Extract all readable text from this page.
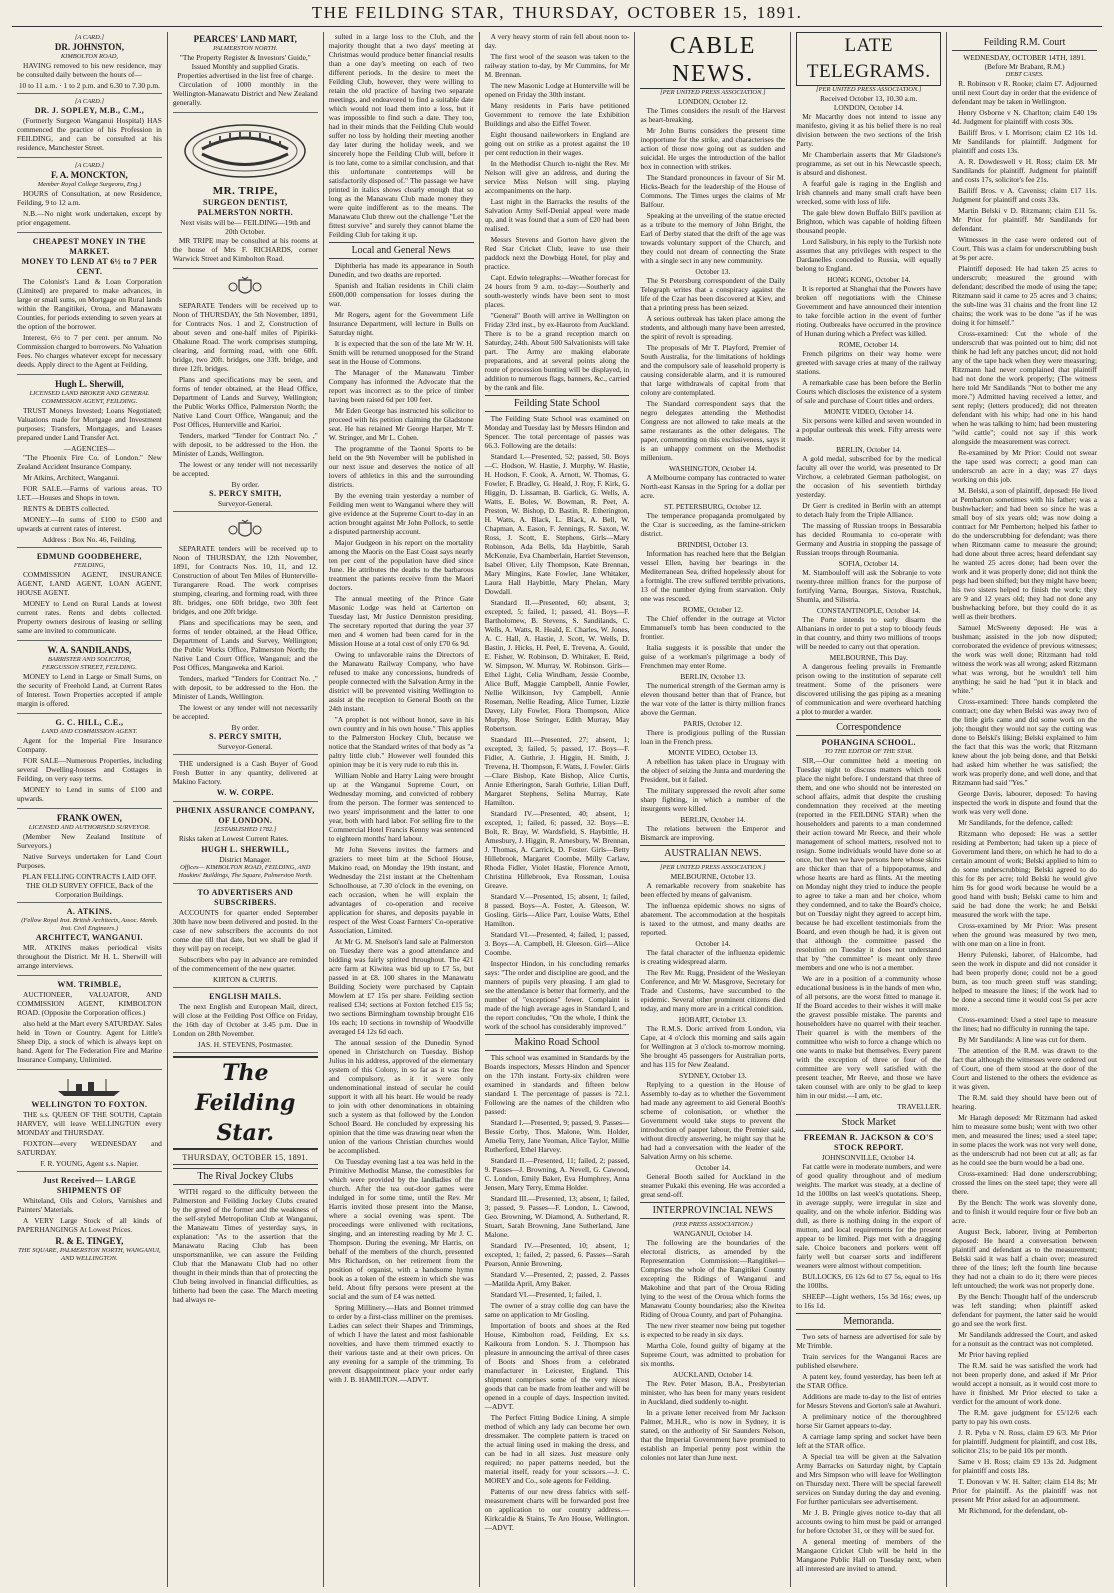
THE FEILDING STAR, THURSDAY, OCTOBER 15, 1891.
[A CARD.]
DR. JOHNSTON,
KIMBOLTON ROAD,

HAVING removed to his new residence, may be consulted daily between the hours of—

10 to 11 a.m. · 1 to 2 p.m. and 6.30 to 7.30 p.m.
[A CARD.]
DR. J. SOPLEY, M.B., C.M.,

(Formerly Surgeon Wanganui Hospital) HAS commenced the practice of his Profession in FEILDING, and can be consulted at his residence, Manchester Street.

[A CARD.]
F. A. MONCKTON,
Member Royal College Surgeons, Eng.)

HOURS of Consultation, at new Residence, Feilding, 9 to 12 a.m.

N.B.—No night work undertaken, except by prior engagement.

CHEAPEST MONEY IN THE MARKET.
MONEY TO LEND AT 6½ to 7 PER CENT.

The Colonist's Land & Loan Corporation (Limited) are prepared to make advances, in large or small sums, on Mortgage on Rural lands within the Rangitikei, Oroua, and Manawatu Counties, for periods extending to seven years at the option of the borrower.

Interest, 6½ to 7 per cent. per annum. No Commission charged to borrowers. No Valuation Fees. No charges whatever except for necessary deeds. Apply direct to the Agent at Feilding,

Hugh L. Sherwill,
LICENSED LAND BROKER AND GENERAL COMMISSION AGENT, FEILDING.

TRUST Moneys Invested; Loans Negotiated; Valuations made for Mortgage and Investment purposes; Transfers, Mortgages, and Leases prepared under Land Transfer Act.

—AGENCIES—

"The Phoenix Fire Co. of London." New Zealand Accident Insurance Company.

Mr Atkins, Architect, Wanganui.

FOR SALE.—Farms of various areas. TO LET.—Houses and Shops in town.

RENTS & DEBTS collected.

MONEY.—In sums of £100 to £500 and upwards at current rates of interest.

Address : Box No. 46, Feilding.
EDMUND GOODBEHERE,
FEILDING,

COMMISSION AGENT, INSURANCE AGENT, LAND AGENT, LOAN AGENT, HOUSE AGENT.

MONEY to Lend on Rural Lands at lowest current rates. Rents and debts collected. Property owners desirous of leasing or selling same are invited to communicate.

W. A. SANDILANDS,
BARRISTER AND SOLICITOR,
FERGUSSON STREET, FEILDING.

MONEY to Lend in Large or Small Sums, on the security of Freehold Land, at Current Rates of Interest. Town Properties accepted if ample margin is offered.

G. C. HILL, C.E.,
LAND AND COMMISSION AGENT.

Agent for the Imperial Fire Insurance Company.

FOR SALE—Numerous Properties, including several Dwelling-houses and Cottages in Feilding, on very easy terms.

MONEY to Lend in sums of £100 and upwards.

FRANK OWEN,
LICENSED AND AUTHORISED SURVEYOR.

(Member New Zealand Institute of Surveyors.)

Native Surveys undertaken for Land Court Purposes.

PLAN FELLING CONTRACTS LAID OFF.
THE OLD SURVEY OFFICE, Back of the Corporation Buildings.
A. ATKINS.
(Fellow Royal Inst. British Architects, Assoc. Memb. Inst. Civil Engineers.)
ARCHITECT, WANGANUI.

MR. ATKINS makes periodical visits throughout the District. Mr H. L. Sherwill will arrange interviews.

WM. TRIMBLE,

AUCTIONEER, VALUATOR, AND COMMISSION AGENT, KIMBOLTON ROAD. (Opposite the Corporation offices.)

also held at the Mart every SATURDAY. Sales held in Town or Country. Agent for Little's Sheep Dip, a stock of which is always kept on hand. Agent for The Federation Fire and Marine Insurance Company, Unlimited.

WELLINGTON TO FOXTON.

THE s.s. QUEEN OF THE SOUTH, Captain HARVEY, will leave WELLINGTON every MONDAY and THURSDAY.

FOXTON—every WEDNESDAY and SATURDAY.

F. R. YOUNG, Agent s.s. Napier.
Just Received— LARGE SHIPMENTS OF

Whiteland, Oils and Colors, Varnishes and Painters' Materials.

A VERY Large Stock of all kinds of PAPERHANGINGS At Lowest Prices.

R. & E. TINGEY,
THE SQUARE, PALMERSTON NORTH, WANGANUI, AND WELLINGTON.
PEARCES' LAND MART,
PALMERSTON NORTH.
"The Property Register & Investors' Guide,"
Issued Monthly and supplied Gratis.
Properties advertised in the list free of charge.

Circulation of 1000 monthly in the Wellington-Manawatu District and New Zealand generally.

MR. TRIPE,
SURGEON DENTIST, PALMERSTON NORTH.
Next visits will be— FEILDING—19th and 20th October.

MR TRIPE may be consulted at his rooms at the house of Mrs F. RICHARDS, corner Warwick Street and Kimbolton Road.

SEPARATE Tenders will be received up to Noon of THURSDAY, the 5th November, 1891, for Contracts Nos. 1 and 2, Construction of about seven and one-half miles of Pipiriki-Ohakune Road. The work comprises stumping, clearing, and forming road, with one 60ft. bridge, two 20ft. bridges, one 33ft. bridge, and three 12ft. bridges.

Plans and specifications may be seen, and forms of tender obtained, at the Head Office, Department of Lands and Survey, Wellington; the Public Works Office, Palmerston North; the Native Land Court Office, Wanganui; and the Post Offices, Hunterville and Karioi.

Tenders, marked "Tender for Contract No. ," with deposit, to be addressed to the Hon. the Minister of Lands, Wellington.

The lowest or any tender will not necessarily be accepted.

By order.
S. PERCY SMITH,
Surveyor-General.

SEPARATE tenders will be received up to Noon of THURSDAY, the 12th November, 1891, for Contracts Nos. 10, 11, and 12. Construction of about Ten Miles of Hunterville-Turangarere Road. The work comprises stumping, clearing, and forming road, with three 8ft. bridges, one 60ft bridge, two 30ft feet bridges, and one 20ft bridge.

Plans and specifications may be seen, and forms of tender obtained, at the Head Office, Department of Lands and Survey, Wellington; the Public Works Office, Palmerston North; the Native Land Court Office, Wanganui; and the Post Offices, Mangaweka and Karioi.

Tenders, marked "Tenders for Contract No. ," with deposit, to be addressed to the Hon. the Minister of Lands, Wellington.

The lowest or any tender will not necessarily be accepted.

By order.
S. PERCY SMITH,
Surveyor-General.

THE undersigned is a Cash Buyer of Good Fresh Butter in any quantity, delivered at Makino Factory.

W. W. CORPE.
PHŒNIX ASSURANCE COMPANY, OF LONDON.
[ESTABLISHED 1782.]

Risks taken at Lowest Current Rates.

HUGH L. SHERWILL,
District Manager.
Offices— KIMBOLTON ROAD, FEILDING, AND Haukins' Buildings, The Square, Palmerston North.
TO ADVERTISERS AND SUBSCRIBERS.

ACCOUNTS for quarter ended September 30th have now been delivered and posted. In the case of new subscribers the accounts do not come due till that date, but we shall be glad if they will pay on receipt.

Subscribers who pay in advance are reminded of the commencement of the new quarter.

KIRTON & CURTIS.
ENGLISH MAILS.

The next English and European Mail, direct, will close at the Feilding Post Office on Friday, the 16th day of October at 3.45 p.m. Due in London on 28th November.

JAS. H. STEVENS, Postmaster.
The Feilding Star.
THURSDAY, OCTOBER 15, 1891.
The Rival Jockey Clubs

WITH regard to the difficulty between the Palmerston and Feilding Jockey Clubs created by the greed of the former and the weakness of the self-styled Metropolitan Club at Wanganui, the Manawatu Times of yesterday says, in explanation: "As to the assertion that the Manawatu Racing Club has been unsportsmanlike, we can assure the Feilding Club that the Manawatu Club had no other thought in their minds than that of protecting the Club being involved in financial difficulties, as hitherto had been the case. The March meeting had always re-

sulted in a large loss to the Club, and the majority thought that a two days' meeting at Christmas would produce better financial results than a one day's meeting on each of two different periods. In the desire to meet the Feilding Club, however, they were willing to retain the old practice of having two separate meetings, and endeavored to find a suitable date which would not load them into a loss, but it was impossible to find such a date. They too, had in their minds that the Feilding Club would suffer no loss by holding their meeting another day later during the holiday week, and we sincerely hope the Feilding Club will, before it is too late, come to a similar conclusion, and that this unfortunate contretemps will be satisfactorily disposed of." The passage we have printed in italics shows clearly enough that so long as the Manawatu Club made money they were quite indifferent as to the means. The Manawatu Club threw out the challenge "Let the fittest survive" and surely they cannot blame the Feilding Club for taking it up.

Local and General News

Diphtheria has made its appearance in South Dunedin, and two deaths are reported.

Spanish and Italian residents in Chili claim £600,000 compensation for losses during the war.

Mr Rogers, agent for the Government Life Insurance Department, will lecture in Bulls on Saturday night.

It is expected that the son of the late Mr W. H. Smith will be returned unopposed for the Strand seat in the House of Commons.

The Manager of the Manawatu Timber Company has informed the Advocate that the report was incorrect as to the price of timber having been raised 6d per 100 feet.

Mr Eden George has instructed his solicitor to proceed with his petition claiming the Gladstone seat. He has retained Mr George Harper, Mr T. W. Stringer, and Mr L. Cohen.

The programme of the Taonui Sports to be held on the 9th November will be published in our next issue and deserves the notice of all lovers of athletics in this and the surrounding districts.

By the evening train yesterday a number of Feilding men went to Wanganui where they will give evidence at the Supreme Court to-day in an action brought against Mr John Pollock, to settle a disputed partnership account.

Major Gudgeon in his report on the mortality among the Maoris on the East Coast says nearly ten per cent of the population have died since June. He attributes the deaths to the barbarous treatment the patients receive from the Maori doctors.

The annual meeting of the Prince Gate Masonic Lodge was held at Carterton on Tuesday last, Mr Justice Denniston presiding. The secretary reported that during the year 37 men and 4 women had been cared for in the Mission House at a total cost of only £70 6s 9d.

Owing to unfavorable rains the Directors of the Manawatu Railway Company, who have refused to make any concessions, hundreds of people connected with the Salvation Army in the district will be prevented visiting Wellington to assist at the reception to General Booth on the 24th instant.

"A prophet is not without honor, save in his own country and in his own house." This applies to the Palmerston Hockey Club, because we notice that the Standard writes of that body as "a paltry little club." However well founded this opinion may be it is very rude to rub this in.

William Noble and Harry Laing were brought up at the Wanganui Supreme Court, on Wednesday morning, and convicted of robbery from the person. The former was sentenced to two years' imprisonment and the latter to one year, both with hard labor. For selling fire to the Commercial Hotel Francis Kenny was sentenced to eighteen months' hard labour.

Mr John Stevens invites the farmers and graziers to meet him at the School House, Makino road, on Monday the 19th instant, and Wednesday the 21st instant at the Cheltenham Schoolhouse, at 7.30 o'clock in the evening, on each occasion, when he will explain the advantages of co-operation and receive application for shares, and deposits payable in respect of the West Coast Farmers' Co-operative Association, Limited.

At Mr G. M. Snelson's land sale at Palmerston on Tuesday there was a good attendance and bidding was fairly spirited throughout. The 421 acre farm at Kiwitea was bid up to £7 5s, but passed in at £8. 100 shares in the Manawatu Building Society were purchased by Captain Mowlem at £7 15s per share. Feilding section realised £34; sections at Foxton fetched £15 5s; two sections Birmingham township brought £16 10s each; 10 sections in township of Woodville averaged £4 12s 6d each.

The annual session of the Dunedin Synod opened in Christchurch on Tuesday. Bishop Julius in his address, approved of the elementary system of this Colony, in so far as it was free and compulsory, as it it were only undenominational instead of secular he could support it with all his heart. He would be ready to join with other denominations in obtaining such a system as that followed by the London School Board. He concluded by expressing his opinion that the time was drawing near when the union of the various Christian churches would be accomplished.

On Tuesday evening last a tea was held in the Primitive Methodist Manse, the comestibles for which were provided by the landladies of the church. After the tea out-door games were indulged in for some time, until the Rev. Mr Harris invited those present into the Manse, where a social evening was spent. The proceedings were enlivened with recitations, singing, and an interesting reading by Mr J. C. Thompson. During the evening, Mr Harris, on behalf of the members of the church, presented Mrs Richardson, on her retirement from the position of organist, with a handsome hymn book as a token of the esteem in which she was held. About fifty persons were present at the social and the sum of £4 was netted.

Spring Millinery.—Hats and Bonnet trimmed to order by a first-class milliner on the premises. Ladies can select their Shapes and Trimmings, of which I have the latest and most fashionable novelties, and have them trimmed exactly to their various taste and at their own prices. On any evening for a sample of the trimming. To prevent disappointment place your order early with J. B. HAMILTON.—ADVT.

A very heavy storm of rain fell about noon to-day.

The first wool of the season was taken to the railway station to-day, by Mr Cummins, for Mr M. Brennan.

The new Masonic Lodge at Hunterville will be opened on Friday the 30th instant.

Many residents in Paris have petitioned Government to remove the late Exhibition Buildings and also the Eiffel Tower.

Eight thousand naileworkers in England are going out on strike as a protest against the 10 per cent reduction in their wages.

In the Methodist Church to-night the Rev. Mr Nelson will give an address, and during the service Miss Nelson will sing, playing accompaniments on the harp.

Last night in the Barracks the results of the Salvation Army Self-Denial appeal were made up, and it was found that a sum of £20 had been realised.

Messrs Stevens and Gorton have given the Red Star Cricket Club, leave to use their paddock next the Dowbigg Hotel, for play and practice.

Capt. Edwin telegraphs:—Weather forecast for 24 hours from 9 a.m. to-day:—Southerly and south-westerly winds have been sent to most places.

"General" Booth will arrive in Wellington on Friday 23rd inst., by ex-Hauroto from Auckland. There is to be a grand reception march on Saturday, 24th. About 500 Salvationists will take part. The Army are making elaborate preparations, and at several points along the route of procession bunting will be displayed, in addition to numerous flags, banners, &c., carried by the rank and file.

Feilding State School

The Feilding State School was examined on Monday and Tuesday last by Messrs Hindon and Spencer. The total percentage of passes was 66.3. Following are the details:

Standard I.—Presented, 52; passed, 50. Boys—C. Hodson, W. Hastie, J. Murphy, W. Hastie, H. Hodson, F. Cook, A. Arnott, W. Thomas, G. Fowler, F. Bradley, G. Heald, J. Roy, F. Kirk, G. Higgin, D. Lissaman, B. Garlick, G. Wells, A. Watts, E. Boles, W. Bowman, R. Peet, A. Preston, W. Bishop, D. Bastin, R. Etherington, H. Watts, A. Black, L. Black, A. Bell, W. Chapman, A. Eason, F. Jennings, R. Saxon, W. Ross, J. Scott, E. Stephens, Girls—Mary Robinson, Ada Bells, Ida Haybittle, Sarah McKenzie, Eva Chamberlain, Harriet Stevenson, Isabel Oliver, Lily Thompson, Kate Brennan, Mary Mingins, Kate Fowler, Jane Whitaker, Laura Hall Haybittle, Mary Phelan, Mary Dowdall.

Standard II.—Presented, 60; absent, 3; excepted, 5; failed, 1; passed, 41. Boys—F. Bartholomew, B. Stevens, S. Sandilands, C. Wells, A. Watts, R. Heald, E. Charles, W. Jones, A. C. Hall, A. Hastie, J. Scott, W. Wells, D. Bastin, J. Hicks, H. Peel, E. Trevena, A. Gould, E. Fisher, W. Robinson, D. Whitaker, E. Reid, W. Simpson, W. Murray, W. Robinson. Girls—Ethel Light, Celia Windham, Jessie Coombe, Alice Buff, Maggie Campbell, Annie Fowler, Nellie Wilkinson, Ivy Campbell, Annie Roseman, Nellie Reading, Alice Turner, Lizzie Davey, Lily Fowler, Flora Thompson, Alice Murphy, Rose Stringer, Edith Murray, May Robertson.

Standard III.—Presented, 27; absent, 1; excepted, 3; failed, 5; passed, 17. Boys—F. Fidler, A. Guthrie, J. Higgin, H. Smith, J. Trevena, H. Thompson, F. Watts, J. Fowler. Girls—Clare Bishop, Kate Bishop, Alice Curtis, Annie Etherington, Sarah Guthrie, Lilian Duff, Margaret Stephens, Selina Murray, Kate Hamilton.

Standard IV.—Presented, 40; absent, 1; excepted, 1; failed, 6; passed, 32. Boys—E. Bolt, R. Bray, W. Wardsfield, S. Haybittle, H. Amesbury, J. Higgin, R. Amesbury, W. Brennan, J. Thomas, A. Carrick, D. Foster. Girls—Betty Hillebrook, Margaret Coombe, Milly Carlaw, Rhoda Fidler, Violet Hastie, Florence Arnott, Christina Hillebrook, Eva Rossman, Louisa Greave.

Standard V.—Presented, 15; absent, 1; failed, 8 passed. Boys—A. Foster, A. Gleeson, W. Gosling. Girls—Alice Parr, Louise Watts, Ethel Hamilton.

Standard VI.—Presented, 4; failed, 1; passed, 3. Boys—A. Campbell, H. Gleeson. Girl—Alice Coombe.

Inspector Hindon, in his concluding remarks says: "The order and discipline are good, and the manners of pupils very pleasing. I am glad to see the attendance is better that formerly, and the number of "exceptions" fewer. Complaint is made of the high average ages in Standard I, and the report concludes, "On the whole, I think the work of the school has considerably improved."

Makino Road School

This school was examined in Standards by the Boards inspectors, Messrs Hindon and Spencer on the 17th instant. Forty-six children were examined in standards and fifteen below standard I. The percentage of passes is 72.1. Following are the names of the children who passed:

Standard I.—Presented, 9; passed, 9. Passes—Bessie Corby, Thos. Malone, Wm. Holder, Amelia Terry, Jane Yeoman, Alice Taylor, Millie Rutherford, Ethel Harvey.

Standard II.—Presented, 11; failed, 2; passed, 9. Passes—J. Browning, A. Nevell, G. Cawood, C. London, Emily Baker, Eva Humphrey, Anna Jensen, Mary Terry, Emma Holder.

Standard III.—Presented, 13; absent, 1; failed, 3; passed, 9. Passes—F. London, L. Cawood, Geo. Browning, W. Diamond, A. Sutherland, R. Stuart, Sarah Browning, Jane Sutherland, Jane Malone.

Standard IV.—Presented, 10; absent, 1; excepted, 1; failed, 2; passed, 6. Passes—Sarah Pearson, Annie Browning.

Standard V.—Presented, 2; passed, 2. Passes—Matilda April, Amy Baker.

Standard VI.—Presented, 1; failed, 1.

The owner of a stray collie dog can have the same on application to Mr Gosling.

Importation of boots and shoes at the Red House, Kimbolton road, Feilding. Ex s.s. Kaikoura from London. S. J. Thompson has pleasure in announcing the arrival of three cases of Boots and Shoes from a celebrated manufacturer in Leicester, England. This shipment comprises some of the very nicest goods that can be made from leather and will be opened in a couple of days. Inspection invited.—ADVT.

The Perfect Fitting Bodice Lining. A simple method of which any lady can become her own dressmaker. The complete pattern is traced on the actual lining used in making the dress, and can be had in all sizes. Just measure only required; no paper patterns needed, but the material itself, ready for your scissors.—J. C. MOREY and Co., sole agents for Feilding.

Patterns of our new dress fabrics with self-measurement charts will be forwarded post free on application to our country address.—Kirkcaldie & Stains, Te Aro House, Wellington.—ADVT.

CABLE NEWS.
[PER UNITED PRESS ASSOCIATION.]
LONDON, October 12.

The Times considers the result of the Harvest as heart-breaking.

Mr John Burns considers the present time inopportune for the strike, and characterises the action of those now going out as sudden and suicidal. He urges the introduction of the ballot box in connection with strikes.

The Standard pronounces in favour of Sir M. Hicks-Beach for the leadership of the House of Commons. The Times urges the claims of Mr Balfour.

Speaking at the unveiling of the statue erected as a tribute to the memory of John Bright, the Earl of Derby stated that the drift of the age was towards voluntary support of the Church, and they could not dream of connecting the State with a single sect in any new community.

October 13.

The St Petersburg correspondent of the Daily Telegraph writes that a conspiracy against the life of the Czar has been discovered at Kiev, and that a printing press has been seized.

A serious outbreak has taken place among the students, and although many have been arrested, the spirit of revolt is spreading.

The proposals of Mr T. Playford, Premier of South Australia, for the limitations of holdings and the compulsory sale of leasehold property is causing considerable alarm, and it is rumoured that large withdrawals of capital from that colony are contemplated.

The Standard correspondent says that the negro delegates attending the Methodist Congress are not allowed to take meals at the same restaurants as the other delegates. The paper, commenting on this exclusiveness, says it is an unhappy comment on the Methodist millenium.

WASHINGTON, October 14.

A Melbourne company has contracted to water North-east Kansas in the Spring for a dollar per acre.

ST. PETERSBURG, October 12.

The temperance propaganda promulgated by the Czar is succeeding, as the famine-stricken district.

BRINDISI, October 13.

Information has reached here that the Belgian vessel Ellen, having her bearings in the Mediterranean Sea, drifted hopelessly about for a fortnight. The crew suffered terrible privations, 13 of the number dying from starvation. Only one was rescued.

ROME, October 12.

The Chief offender in the outrage at Victor Emmanuel's tomb has been conducted to the frontier.

Italia suggests it is possible that under the guise of a workman's pilgrimage a body of Frenchmen may enter Rome.

BERLIN, October 13.

The numerical strength of the German army is eleven thousand better than that of France, but the war vote of the latter is thirty million francs above the German.

PARIS, October 12.

There is prodigious pulling of the Russian loan in the French press.

MONTE VIDEO, October 13.

A rebellion has taken place in Uruguay with the object of seizing the Junta and murdering the President, but it failed.

The military suppressed the revolt after some sharp fighting, in which a number of the insurgents were killed.

BERLIN, October 14.

The relations between the Emperor and Bismarck are improving.

AUSTRALIAN NEWS.
[PER UNITED PRESS ASSOCIATION.]
MELBOURNE, October 13.

A remarkable recovery from snakebite has been effected by means of galvanism.

The influenza epidemic shows no signs of abatement. The accommodation at the hospitals is taxed to the utmost, and many deaths are reported.

October 14.

The fatal character of the influenza epidemic is creating widespread alarm.

The Rev Mr. Rugg, President of the Wesleyan Conference, and Mr W. Masgrove, Secretary for Trade and Customs, have succumbed to the epidemic. Several other prominent citizens died today, and many more are in a critical condition.

HOBART, October 13.

The R.M.S. Doric arrived from London, via Cape, at 4 o'clock this morning and sails again for Wellington at 3 o'clock to-morrow morning. She brought 45 passengers for Australian ports, and has 115 for New Zealand.

SYDNEY, October 13.

Replying to a question in the House of Assembly to-day as to whether the Government had made any agreement to aid General Booth's scheme of colonisation, or whether the Government would take steps to prevent the introduction of pauper labour, the Premier said, without directly answering, he might say that he had had a conversation with the leader of the Salvation Army on his scheme.

October 14.

General Booth sailed for Auckland in the steamer Pukaki this evening. He was accorded a great send-off.

INTERPROVINCIAL NEWS
(PER PRESS ASSOCIATION.)
WANGANUI, October 14.

The following are the boundaries of the electoral districts, as amended by the Representation Commission:—Rangitikei—Comprises the whole of the Rangitikei County excepting the Ridings of Wanganui and Makohine and that part of the Oroua Riding lying to the west of the Oroua which forms the Manawatu County boundaries; also the Kiwitea Riding of Oroua County, and part of Pohangina.

The new river steamer now being put together is expected to be ready in six days.

Martha Cole, found guilty of bigamy at the Supreme Court, was admitted to probation for six months.

AUCKLAND, October 14.

The Rev. Peter Mason, B.A., Presbyterian minister, who has been for many years resident in Auckland, died suddenly to-night.

In a private letter received from Mr Jackson Palmer, M.H.R., who is now in Sydney, it is stated, on the authority of Sir Saunders Nelson, that the Imperial Government have promised to establish an Imperial penny post within the colonies not later than June next.

LATE TELEGRAMS.
[PER UNITED PRESS ASSOCIATION.]
Received October 13, 10.30 a.m.
LONDON, October 14.

Mr Macarthy does not intend to issue any manifesto, giving it as his belief there is no real division between the two sections of the Irish Party.

Mr Chamberlain asserts that Mr Gladstone's programme, as set out in his Newcastle speech, is absurd and dishonest.

A fearful gale is raging in the English and Irish channels and many small craft have been wrecked, some with loss of life.

The gale blew down Buffalo Bill's pavilion at Brighton, which was capable of holding fifteen thousand people.

Lord Salisbury, in his reply to the Turkish note assumes that any privileges with respect to the Dardanelles conceded to Russia, will equally belong to England.

HONG KONG, October 14.

It is reported at Shanghai that the Powers have broken off negotiations with the Chinese Government and have announced their intention to take forcible action in the event of further rioting. Outbreaks have occurred in the province of Hunan during which a Prefect was killed.

ROME, October 14.

French pilgrims on their way home were greeted with savage cries at many of the railway stations.

A remarkable case has been before the Berlin Courts which discloses the existence of a system of sale and purchase of Court titles and orders.

MONTE VIDEO, October 14.

Six persons were killed and seven wounded in a popular outbreak this week. Fifty arrests were made.

BERLIN, October 14.

A gold medal, subscribed for by the medical faculty all over the world, was presented to Dr Virchow, a celebrated German pathologist, on the occasion of his seventieth birthday yesterday.

Dr Gerr is credited in Berlin with an attempt to detach Italy from the Triple Alliance.

The massing of Russian troops in Bessarabia has decided Roumania to co-operate with Germany and Austria in stopping the passage of Russian troops through Roumania.

SOFIA, October 14.

M. Stambouloff will ask the Sobranje to vote twenty-three million francs for the purpose of fortifying Varna, Bourgas, Sistova, Rustchuk, Shumla, and Silistria.

CONSTANTINOPLE, October 14.

The Porte intends to early disarm the Albanians in order to put a stop to bloody feuds in that country, and thirty two millions of troops will be needed to carry out that operation.

MELBOURNE, This Day.

A dangerous feeling prevails in Fremantle prison owing to the institution of separate cell treatment. Some of the prisoners were discovered utilising the gas piping as a meaning of communication and were overheard hatching a plot to murder a warder.

Correspondence
POHANGINA SCHOOL.
TO THE EDITOR OF THE STAR.

SIR,—Our committee held a meeting on Tuesday night to discuss matters which took place the night before. I understand that three of them, and one who should not be interested on school affairs, admit that despite the crushing condemnation they received at the meeting (reported in the FEILDING STAR) when the householders and parents to a man condemned their action toward Mr Reece, and their whole management of school matters, resolved not to resign. Some individuals would have done so at once, but then we have persons here whose skins are thicker than that of a hippopotamus, and whose hearts are hard as flints. At the meeting on Monday night they tried to induce the people to agree to take a man and her choice, whom they condemned, and to take the Board's choice, but on Tuesday night they agreed to accept him, because he had excellent testimonials from the Board, and even though he had, it is given out that although the committee passed the resolution on Tuesday it does not understand that by "the committee" is meant only three members and one who is not a member.

We are in a position of a community whose educational business is in the hands of men who, of all persons, are the worst fitted to manage it. If the Board accedes to their wishes it will make the gravest possible mistake. The parents and householders have no quarrel with their teacher. Their quarrel is with the members of the committee who wish to force a change which no one wants to make but themselves. Every parent with the exception of three or four of the committee are very well satisfied with the present teacher, Mr Reeve, and those we have taken counsel with are only to be glad to keep him in our midst.—I am, etc.

TRAVELLER.
Stock Market
FREEMAN R. JACKSON & CO'S STOCK REPORT.
JOHNSONVILLE, October 14.

Fat cattle were in moderate numbers, and were of good quality throughout and of medium weights. The market was steady, at a decline of 1d the 100lbs on last week's quotations. Sheep, in average supply, were irregular in size and quality, and on the whole inferior. Bidding was dull, as there is nothing doing in the export of mutton, and local requirements for the present appear to be limited. Pigs met with a dragging sale. Choice baconers and porkers went off fairly well but coarser sorts and indifferent weaners were almost without competition.

BULLOCKS, £6 12s 6d to £7 5s, equal to 16s the 100lbs.

SHEEP—Light wethers, 15s 3d 16s; ewes, up to 16s 1d.

Memoranda.

Two sets of harness are advertised for sale by Mr Trimble.

Train services for the Wanganui Races are published elsewhere.

A patent key, found yesterday, has been left at the STAR Office.

Additions are made to-day to the list of entries for Messrs Stevens and Gorton's sale at Awahuri.

A preliminary notice of the thoroughbred horse Sir Garnet appears to-day.

A carriage lamp spring and socket have been left at the STAR office.

A Special tea will be given at the Salvation Army Barracks on Saturday night, by Captain and Mrs Simpson who will leave for Wellington on Thursday next. There will be special farewell services on Sunday during the day and evening. For further particulars see advertisement.

Mr J. B. Pringle gives notice to-day that all accounts owing to him must be paid or arranged for before October 31, or they will be sued for.

A general meeting of members of the Mangaone Cricket Club will be held in the Mangaone Public Hall on Tuesday next, when all interested are invited to attend.

Feilding R.M. Court
WEDNESDAY, OCTOBER 14TH, 1891.
(Before Mr Brabant, R.M.)
DEBT CASES.

R. Robinson v R. Rooke; claim £7. Adjourned until next Court day in order that the evidence of defendant may be taken in Wellington.

Henry Osborne v N. Charlton; claim £40 19s 4d. Judgment for plaintiff with costs 30s.

Bailiff Bros. v I. Morrison; claim £2 10s 1d. Mr Sandilands for plaintiff. Judgment for plaintiff and costs 13s.

A. R. Dowdeswell v H. Ross; claim £8. Mr Sandilands for plaintiff. Judgment for plaintiff and costs 17s, solicitor's fee 21s.

Bailiff Bros. v A. Caveniss; claim £17 11s. Judgment for plaintiff and costs 33s.

Martin Belski v D. Ritzmann; claim £11 5s. Mr Prior for plaintiff. Mr Sandilands for defendant.

Witnesses in the case were ordered out of Court. This was a claim for underscrubbing bush at 9s per acre.

Plaintiff deposed: He had taken 25 acres to underscrub; measured the ground with defendant; described the mode of using the tape; Ritzmann said it came to 25 acres and 3 chains; the sub-line was 31 chains and the front line 12 chains; the work was to be done "as if he was doing it for himself."

Cross-examined: Cut the whole of the underscrub that was pointed out to him; did not think he had left any patches uncut; did not hold any of the tape back when they were measuring; Ritzmann had never complained that plaintiff had not done the work properly; (The witness here told Mr Sandilands "Not to bother me any more.") Admitted having received a letter, and sent reply; (letters produced); did not threaten defendant with his whip; had one in his hand when he was talking to him; had been mustering "wild cattle"; could not say if this work alongside the measurement was correct.

Re-examined by Mr Prior: Could not swear the tape used was correct; a good man can underscrub an acre in a day; was 27 days working on this job.

M. Belski, a son of plaintiff, deposed: He lived at Pembarton sometimes with his father; was a bushwhacker; and had been so since he was a small boy of six years old; was now doing a contract for Mr Pemberton; helped his father to do the underscrubbing for defendant; was there when Ritzmann came to measure the ground; had done about three acres; heard defendant say he wanted 25 acres done; had been over the work and it was properly done; did not think the pegs had been shifted; but they might have been; his two sisters helped to finish the work; they are 9 and 12 years old; they had not done any bushwhacking before, but they could do it as well as their brothers.

Samuel McSweeny deposed: He was a bushman; assisted in the job now disputed; corroborated the evidence of previous witnesses; the work was well done; Ritzmann had told witness the work was all wrong; asked Ritzmann what was wrong, but he wouldn't tell him anything; he said he had "put it in black and white."

Cross-examined: Three hands completed the contract; one day when Belski was away two of the little girls came and did some work on the job; thought they would not say the cutting was done to Belski's liking; Belski explained to him the fact that this was the work; that Ritzmann knew about the job being done, and that Belski had asked him whether he was satisfied; the work was properly done, and well done, and that Ritzmann had said "Yes."

George Davis, labourer, deposed: To having inspected the work in dispute and found that the work was very well done.

Mr Sandilands, for the defence, called:

Ritzmann who deposed: He was a settler residing at Pemberton; had taken up a piece of Government land there, on which he had to do a certain amount of work; Belski applied to him to do some underscrubbing; Belski agreed to do this for 8s per acre; told Belski he would give him 9s for good work because he would be a good hand with bush; Belski came to him and said he had done the work; he and Belski measured the work with the tape.

Cross-examined by Mr Prior: Was present when the ground was measured by two men, with one man on a line in front.

Henry Pulenski, laborer, of Halcombe, had seen the work in dispute and did not consider it had been properly done; could not be a good burn, as too much green stuff was standing; helped to measure the lines; if the work had to be done a second time it would cost 5s per acre more.

Cross-examined: Used a steel tape to measure the lines; had no difficulty in running the tape.

By Mr Sandilands: A line was cut for them.

The attention of the R.M. was drawn to the fact that although the witnesses were ordered out of Court, one of them stood at the door of the Court and listened to the others the evidence as it was given.

The R.M. said they should have been out of hearing.

Mr Haragh deposed: Mr Ritzmann had asked him to measure some bush; went with two other men, and measured the lines; used a steel tape; in some places the work was not very well done, as the underscrub had not been cut at all; as far as he could see the burn would be a bad one.

Cross-examined: Had done underscrubbing; crossed the lines on the steel tape; they were all there.

By the Bench: The work was slovenly done, and to finish it would require four or five bob an acre.

August Beck, laborer, living at Pemberton deposed: He heard a conversation between plaintiff and defendant as to the measurement; Belski said it was half a chain over; measured three of the lines; left the fourth line because they had not a chain to do it; there were pieces left untouched; the work was not properly done.

By the Bench: Thought half of the underscrub was left standing; when plaintiff asked defendant for payment, the latter said he would go and see the work first.

Mr Sandilands addressed the Court, and asked for a nonsuit as the contract was not completed.

Mr Prior having replied

The R.M. said he was satisfied the work had not been properly done, and asked if Mr Prior would accept a nonsuit, as it would cost more to have it finished. Mr Prior elected to take a verdict for the amount of work done.

The R.M. gave judgment for £5/12/6 each party to pay his own costs.

J. R. Pyba v N. Ross, claim £9 6/3. Mr Prior for plaintiff. Judgment for plaintiff, and cost 18s, solicitor 21s; to be paid 10s per month.

Same v H. Ross; claim £9 13s 2d. Judgment for plaintiff and costs 18s.

T. Donovan v W. H. Salter; claim £14 8s; Mr Prior for plaintiff. As the plaintiff was not present Mr Prior asked for an adjournment.

Mr Richmond, for the defendant, ob-
